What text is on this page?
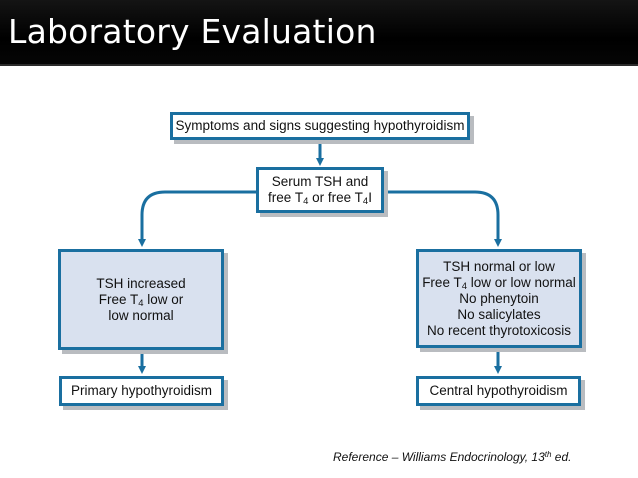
Laboratory Evaluation
Symptoms and signs suggesting hypothyroidism
Serum TSH and
free $T_4$ or free $T_4I$
TSH increased
Free $T_4$ low or
low normal
TSH normal or low
Free $T_4$ low or low normal
No phenytoin
No salicylates
No recent thyrotoxicosis
Primary hypothyroidism	Central hypothyroidism
Reference – Williams Endocrinology, 13th ed.
